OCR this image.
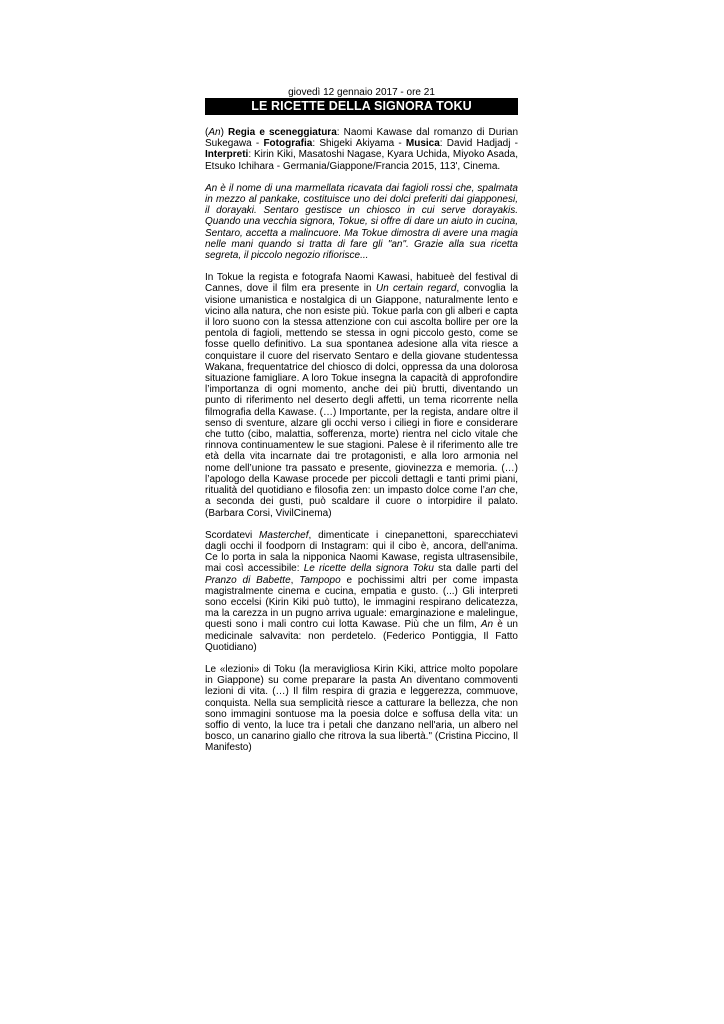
giovedì 12 gennaio 2017 - ore 21
LE RICETTE DELLA SIGNORA TOKU

(An) Regia e sceneggiatura: Naomi Kawase dal romanzo di Durian Sukegawa - Fotografia: Shigeki Akiyama - Musica: David Hadjadj - Interpreti: Kirin Kiki, Masatoshi Nagase, Kyara Uchida, Miyoko Asada, Etsuko Ichihara - Germania/Giappone/Francia 2015, 113', Cinema.

An è il nome di una marmellata ricavata dai fagioli rossi che, spalmata in mezzo al pankake, costituisce uno dei dolci preferiti dai giapponesi, il dorayaki. Sentaro gestisce un chiosco in cui serve dorayakis. Quando una vecchia signora, Tokue, si offre di dare un aiuto in cucina, Sentaro, accetta a malincuore. Ma Tokue dimostra di avere una magia nelle mani quando si tratta di fare gli "an". Grazie alla sua ricetta segreta, il piccolo negozio rifiorisce...

In Tokue la regista e fotografa Naomi Kawasi, habitueè del festival di Cannes, dove il film era presente in Un certain regard, convoglia la visione umanistica e nostalgica di un Giappone, naturalmente lento e vicino alla natura, che non esiste più. Tokue parla con gli alberi e capta il loro suono con la stessa attenzione con cui ascolta bollire per ore la pentola di fagioli, mettendo se stessa in ogni piccolo gesto, come se fosse quello definitivo. La sua spontanea adesione alla vita riesce a conquistare il cuore del riservato Sentaro e della giovane studentessa Wakana, frequentatrice del chiosco di dolci, oppressa da una dolorosa situazione famigliare. A loro Tokue insegna la capacità di approfondire l’importanza di ogni momento, anche dei più brutti, diventando un punto di riferimento nel deserto degli affetti, un tema ricorrente nella filmografia della Kawase. (…) Importante, per la regista, andare oltre il senso di sventure, alzare gli occhi verso i ciliegi in fiore e considerare che tutto (cibo, malattia, sofferenza, morte) rientra nel ciclo vitale che rinnova continuamentew le sue stagioni. Palese è il riferimento alle tre età della vita incarnate dai tre protagonisti, e alla loro armonia nel nome dell’unione tra passato e presente, giovinezza e memoria. (…) l’apologo della Kawase procede per piccoli dettagli e tanti primi piani, ritualità del quotidiano e filosofia zen: un impasto dolce come l’an che, a seconda dei gusti, può scaldare il cuore o intorpidire il palato. (Barbara Corsi, VivilCinema)

Scordatevi Masterchef, dimenticate i cinepanettoni, sparecchiatevi dagli occhi il foodporn di Instagram: qui il cibo è, ancora, dell'anima. Ce lo porta in sala la nipponica Naomi Kawase, regista ultrasensibile, mai così accessibile: Le ricette della signora Toku sta dalle parti del Pranzo di Babette, Tampopo e pochissimi altri per come impasta magistralmente cinema e cucina, empatia e gusto. (...) Gli interpreti sono eccelsi (Kirin Kiki può tutto), le immagini respirano delicatezza, ma la carezza in un pugno arriva uguale: emarginazione e malelingue, questi sono i mali contro cui lotta Kawase. Più che un film, An è un medicinale salvavita: non perdetelo. (Federico Pontiggia, Il Fatto Quotidiano)

Le «lezioni» di Toku (la meravigliosa Kirin Kiki, attrice molto popolare in Giappone) su come preparare la pasta An diventano commoventi lezioni di vita. (…) Il film respira di grazia e leggerezza, commuove, conquista. Nella sua semplicità riesce a catturare la bellezza, che non sono immagini sontuose ma la poesia dolce e soffusa della vita: un soffio di vento, la luce tra i petali che danzano nell'aria, un albero nel bosco, un canarino giallo che ritrova la sua libertà." (Cristina Piccino, Il Manifesto)
